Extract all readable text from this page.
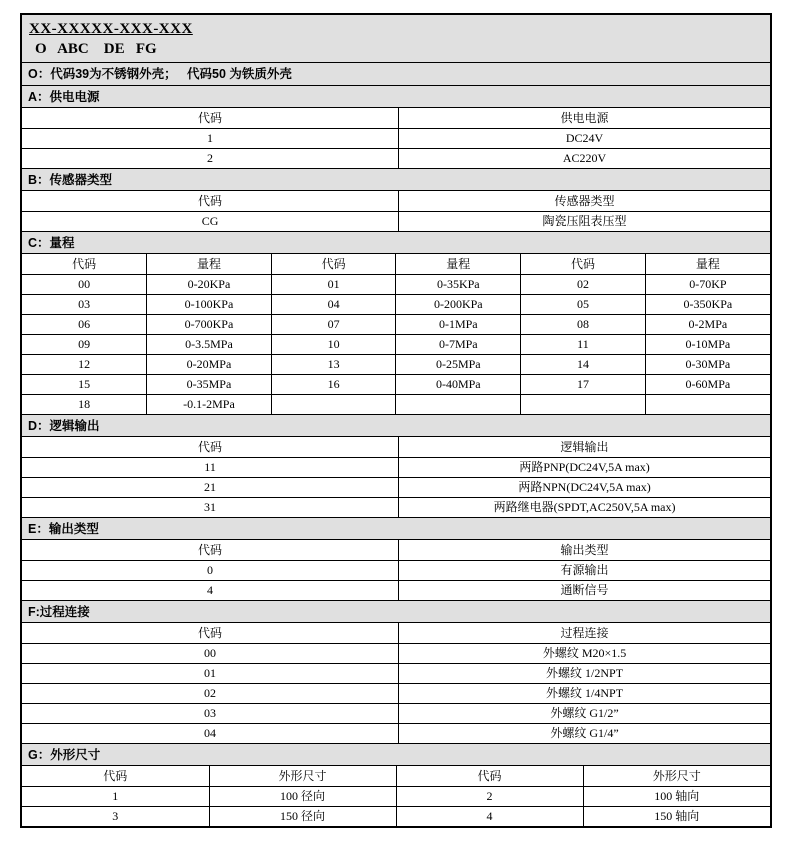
XX-XXXXX-XXX-XXX
O   ABC    DE   FG
O：代码39为不锈钢外壳；   代码50 为铁质外壳
A：供电电源
代码	供电电源
1	DC24V
2	AC220V
B：传感器类型
代码	传感器类型
CG	陶瓷压阻表压型
C：量程
代码	量程	代码	量程	代码	量程
00	0-20KPa	01	0-35KPa	02	0-70KP
03	0-100KPa	04	0-200KPa	05	0-350KPa
06	0-700KPa	07	0-1MPa	08	0-2MPa
09	0-3.5MPa	10	0-7MPa	11	0-10MPa
12	0-20MPa	13	0-25MPa	14	0-30MPa
15	0-35MPa	16	0-40MPa	17	0-60MPa
18	-0.1-2MPa				
D：逻辑输出
代码	逻辑输出
11	两路PNP(DC24V,5A max)
21	两路NPN(DC24V,5A max)
31	两路继电器(SPDT,AC250V,5A max)
E：输出类型
代码	输出类型
0	有源输出
4	通断信号
F:过程连接
代码	过程连接
00	外螺纹 M20×1.5
01	外螺纹 1/2NPT
02	外螺纹 1/4NPT
03	外螺纹 G1/2”
04	外螺纹 G1/4”
G：外形尺寸
代码	外形尺寸	代码	外形尺寸
1	100 径向	2	100 轴向
3	150 径向	4	150 轴向
